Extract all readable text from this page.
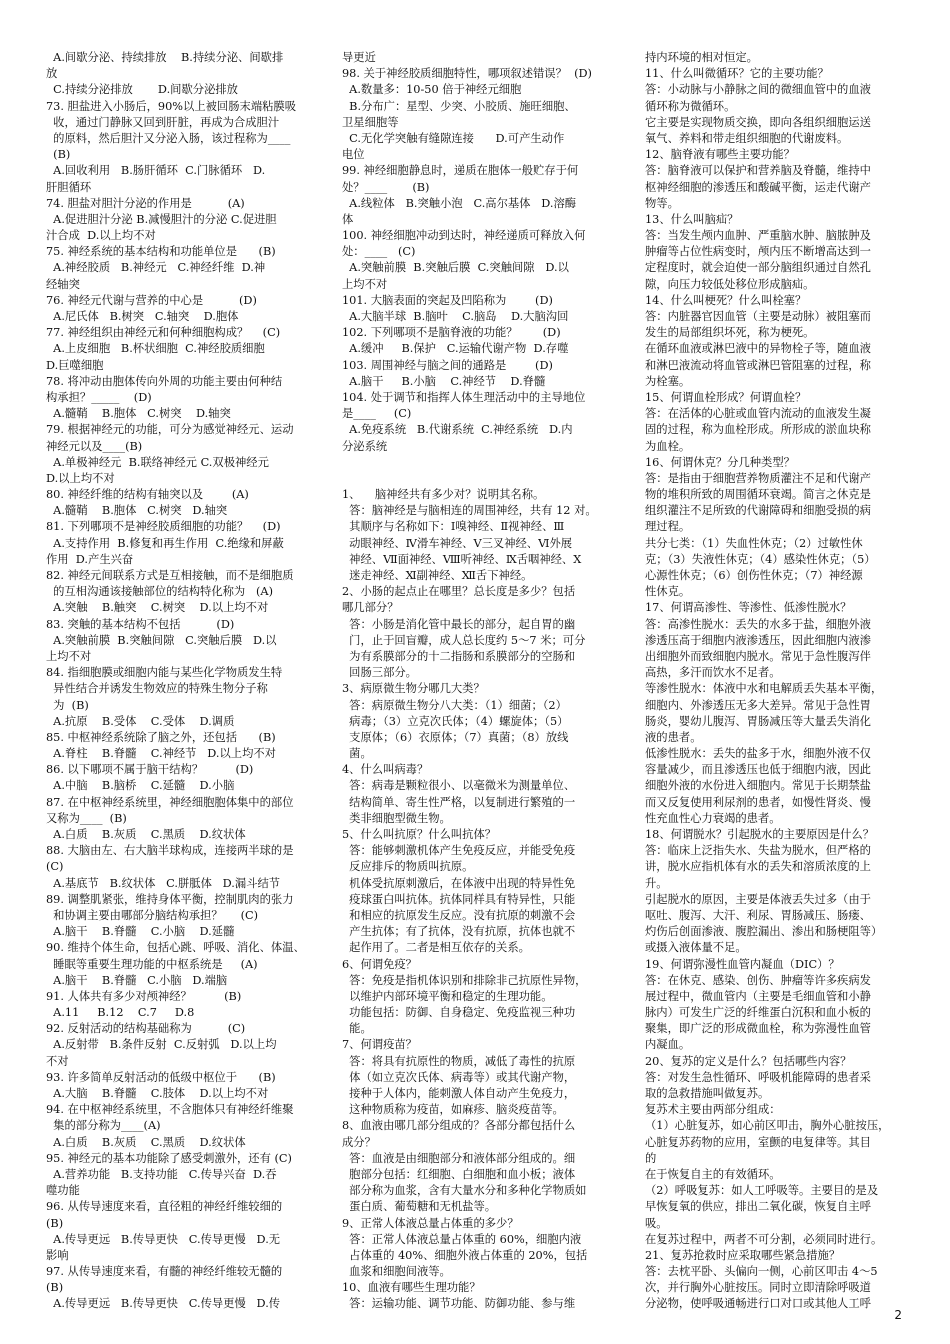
A.间歇分泌、持续排放    B.持续分泌、间歇排
放
C.持续分泌排放       D.间歇分泌排放
73. 胆盐进入小肠后，90%以上被回肠末端粘膜吸
收，通过门静脉又回到肝脏，再成为合成胆汁
的原料，然后胆汁又分泌入肠，该过程称为____
(B)
A.回收利用   B.肠肝循环  C.门脉循环   D.
肝胆循环
74. 胆盐对胆汁分泌的作用是          (A)
A.促进胆汁分泌 B.减慢胆汁的分泌 C.促进胆
汁合成  D.以上均不对
75. 神经系统的基本结构和功能单位是      (B)
A.神经胶质   B.神经元   C.神经纤维  D.神
经轴突
76. 神经元代谢与营养的中心是          (D)
A.尼氏体   B.树突   C.轴突    D.胞体
77. 神经组织由神经元和何种细胞构成？    (C)
A.上皮细胞   B.杯状细胞  C.神经胶质细胞
D.巨噬细胞
78. 将冲动由胞体传向外周的功能主要由何种结
构承担？_____    (D)
A.髓鞘    B.胞体   C.树突    D.轴突
79. 根据神经元的功能，可分为感觉神经元、运动
神经元以及____(B)
A.单极神经元  B.联络神经元 C.双极神经元
D.以上均不对
80. 神经纤维的结构有轴突以及        (A)
A.髓鞘    B.胞体   C.树突   D.轴突
81. 下列哪项不是神经胶质细胞的功能？    (D)
A.支持作用  B.修复和再生作用  C.绝缘和屏蔽
作用  D.产生兴奋
82. 神经元间联系方式是互相接触，而不是细胞质
的互相沟通该接触部位的结构特化称为   (A)
A.突触    B.触突    C.树突    D.以上均不对
83. 突触的基本结构不包括          (D)
A.突触前膜  B.突触间隙   C.突触后膜   D.以
上均不对
84. 指细胞膜或细胞内能与某些化学物质发生特
异性结合并诱发生物效应的特殊生物分子称
为  (B)
A.抗原    B.受体    C.受体    D.调质
85. 中枢神经系统除了脑之外，还包括      (B)
A.脊柱    B.脊髓    C.神经节   D.以上均不对
86. 以下哪项不属于脑干结构？         (D)
A.中脑    B.脑桥    C.延髓    D.小脑
87. 在中枢神经系统里，神经细胞胞体集中的部位
又称为____  (B)
A.白质    B.灰质    C.黑质    D.纹状体
88. 大脑由左、右大脑半球构成，连接两半球的是
(C)
A.基底节   B.纹状体   C.胼胝体   D.漏斗结节
89. 调整肌紧张，维持身体平衡，控制肌肉的张力
和协调主要由哪部分脑结构承担？     (C)
A.脑干    B.脊髓    C.小脑    D.延髓
90. 维持个体生命，包括心跳、呼吸、消化、体温、
睡眠等重要生理功能的中枢系统是     (A)
A.脑干    B.脊髓   C.小脑   D.端脑
91. 人体共有多少对颅神经？         (B)
A.11     B.12    C.7     D.8
92. 反射活动的结构基础称为          (C)
A.反射带   B.条件反射  C.反射弧   D.以上均
不对
93. 许多简单反射活动的低级中枢位于      (B)
A.大脑    B.脊髓    C.肢体    D.以上均不对
94. 在中枢神经系统里，不含胞体只有神经纤维聚
集的部分称为____(A)
A.白质    B.灰质    C.黑质    D.纹状体
95. 神经元的基本功能除了感受刺激外，还有 (C)
A.营养功能   B.支持功能   C.传导兴奋  D.吞
噬功能
96. 从传导速度来看，直径粗的神经纤维较细的
(B)
A.传导更远   B.传导更快   C.传导更慢   D.无
影响
97. 从传导速度来看，有髓的神经纤维较无髓的
(B)
A.传导更远   B.传导更快   C.传导更慢   D.传
导更近
98. 关于神经胶质细胞特性，哪项叙述错误？  (D)
A.数量多：10-50 倍于神经元细胞
B.分布广：星型、少突、小胶质、施旺细胞、
卫星细胞等
C.无化学突触有缝隙连接      D.可产生动作
电位
99. 神经细胞静息时，递质在胞体一般贮存于何
处？____       (B)
A.线粒体   B.突触小泡   C.高尔基体   D.溶酶
体
100. 神经细胞冲动到达时，神经递质可释放入何
处：____   (C)
A.突触前膜  B.突触后膜  C.突触间隙   D.以
上均不对
101. 大脑表面的突起及凹陷称为        (D)
A.大脑半球  B.脑叶    C.脑岛    D.大脑沟回
102. 下列哪项不是脑脊液的功能？       (D)
A.缓冲     B.保护   C.运输代谢产物  D.存噬
103. 周围神经与脑之间的通路是        (D)
A.脑干     B.小脑    C.神经节    D.脊髓
104. 处于调节和指挥人体生理活动中的主导地位
是____     (C)
A.免疫系统   B.代谢系统  C.神经系统   D.内
分泌系统
1、    脑神经共有多少对？说明其名称。
答：脑神经是与脑相连的周围神经，共有 12 对。
其顺序与名称如下：Ⅰ嗅神经、Ⅱ视神经、Ⅲ
动眼神经、Ⅳ滑车神经、Ⅴ三叉神经、Ⅵ外展
神经、Ⅶ面神经、Ⅷ听神经、Ⅸ舌咽神经、Ⅹ
迷走神经、Ⅺ副神经、Ⅻ舌下神经。
2、小肠的起点止在哪里？总长度是多少？包括
哪几部分？
答：小肠是消化管中最长的部分，起自胃的幽
门，止于回盲瓣，成人总长度约 5～7 米；可分
为有系膜部分的十二指肠和系膜部分的空肠和
回肠三部分。
3、病原微生物分哪几大类？
答：病原微生物分八大类：（1）细菌；（2）
病毒；（3）立克次氏体；（4）螺旋体；（5）
支原体；（6）衣原体；（7）真菌；（8）放线
菌。
4、什么叫病毒？
答：病毒是颗粒很小、以毫微米为测量单位、
结构简单、寄生性严格，以复制进行繁殖的一
类非细胞型微生物。
5、什么叫抗原？什么叫抗体？
答：能够刺激机体产生免疫反应，并能受免疫
反应排斥的物质叫抗原。
机体受抗原刺激后，在体液中出现的特异性免
疫球蛋白叫抗体。抗体同样具有特异性，只能
和相应的抗原发生反应。没有抗原的刺激不会
产生抗体；有了抗体，没有抗原，抗体也就不
起作用了。二者是相互依存的关系。
6、何谓免疫？
答：免疫是指机体识别和排除非己抗原性异物，
以维护内部环境平衡和稳定的生理功能。
功能包括：防御、自身稳定、免疫监视三种功
能。
7、何谓疫苗？
答：将具有抗原性的物质，减低了毒性的抗原
体（如立克次氏体、病毒等）或其代谢产物，
接种于人体内，能刺激人体自动产生免疫力，
这种物质称为疫苗，如麻疹、脑炎疫苗等。
8、血液由哪几部分组成的？各部分都包括什么
成分？
答：血液是由细胞部分和液体部分组成的。细
胞部分包括：红细胞、白细胞和血小板；液体
部分称为血浆，含有大量水分和多种化学物质如
蛋白质、葡萄糖和无机盐等。
9、正常人体液总量占体重的多少？
答：正常人体液总量占体重的 60%，细胞内液
占体重的 40%、细胞外液占体重的 20%，包括
血浆和细胞间液等。
10、血液有哪些生理功能？
答：运输功能、调节功能、防御功能、参与维
持内环境的相对恒定。
11、什么叫微循环？它的主要功能？
答：小动脉与小静脉之间的微细血管中的血液
循环称为微循环。
它主要是实现物质交换，即向各组织细胞运送
氧气、养料和带走组织细胞的代谢废料。
12、脑脊液有哪些主要功能？
答：脑脊液可以保护和营养脑及脊髓，维持中
枢神经细胞的渗透压和酸碱平衡，运走代谢产
物等。
13、什么叫脑疝？
答：当发生颅内血肿、严重脑水肿、脑脓肿及
肿瘤等占位性病变时，颅内压不断增高达到一
定程度时，就会迫使一部分脑组织通过自然孔
隙，向压力较低处移位形成脑疝。
14、什么叫梗死？什么叫栓塞？
答：内脏器官因血管（主要是动脉）被阻塞而
发生的局部组织坏死，称为梗死。
在循环血液或淋巴液中的异物栓子等，随血液
和淋巴液流动将血管或淋巴管阻塞的过程，称
为栓塞。
15、何谓血栓形成？何谓血栓？
答：在活体的心脏或血管内流动的血液发生凝
固的过程，称为血栓形成。所形成的淤血块称
为血栓。
16、何谓休克？分几种类型？
答：是指由于细胞营养物质灌注不足和代谢产
物的堆积所致的周围循环衰竭。简言之休克是
组织灌注不足所致的代谢障碍和细胞受损的病
理过程。
共分七类：（1）失血性休克；（2）过敏性休
克；（3）失液性休克；（4）感染性休克；（5）
心源性休克；（6）创伤性休克；（7）神经源
性休克。
17、何谓高渗性、等渗性、低渗性脱水？
答：高渗性脱水：丢失的水多于盐，细胞外液
渗透压高于细胞内液渗透压，因此细胞内液渗
出细胞外而致细胞内脱水。常见于急性腹泻伴
高热，多汗而饮水不足者。
等渗性脱水：体液中水和电解质丢失基本平衡，
细胞内、外渗透压无多大差异。常见于急性胃
肠炎，婴幼儿腹泻、胃肠减压等大量丢失消化
液的患者。
低渗性脱水：丢失的盐多于水，细胞外液不仅
容量减少，而且渗透压也低于细胞内液，因此
细胞外液的水份进入细胞内。常见于长期禁盐
而又反复使用利尿剂的患者，如慢性肾炎、慢
性充血性心力衰竭的患者。
18、何谓脱水？引起脱水的主要原因是什么？
答：临床上泛指失水、失盐为脱水，但严格的
讲，脱水应指机体有水的丢失和溶质浓度的上
升。
引起脱水的原因，主要是体液丢失过多（由于
呕吐、腹泻、大汗、利尿、胃肠减压、肠瘘、
灼伤后创面渗液、腹腔漏出、渗出和肠梗阻等）
或摄入液体量不足。
19、何谓弥漫性血管内凝血（DIC）？
答：在休克、感染、创伤、肿瘤等许多疾病发
展过程中，微血管内（主要是毛细血管和小静
脉内）可发生广泛的纤维蛋白沉积和血小板的
聚集，即广泛的形成微血栓，称为弥漫性血管
内凝血。
20、复苏的定义是什么？包括哪些内容？
答：对发生急性循环、呼吸机能障碍的患者采
取的急救措施叫做复苏。
复苏术主要由两部分组成：
（1）心脏复苏，如心前区叩击，胸外心脏按压，
心脏复苏药物的应用，室颤的电复律等。其目
的
在于恢复自主的有效循环。
（2）呼吸复苏：如人工呼吸等。主要目的是及
早恢复氧的供应，排出二氧化碳，恢复自主呼
吸。
在复苏过程中，两者不可分割，必须同时进行。
21、复苏抢救时应采取哪些紧急措施？
答：去枕平卧、头偏向一侧，心前区叩击 4～5
次，并行胸外心脏按压。同时立即清除呼吸道
分泌物，使呼吸通畅进行口对口或其他人工呼
2
